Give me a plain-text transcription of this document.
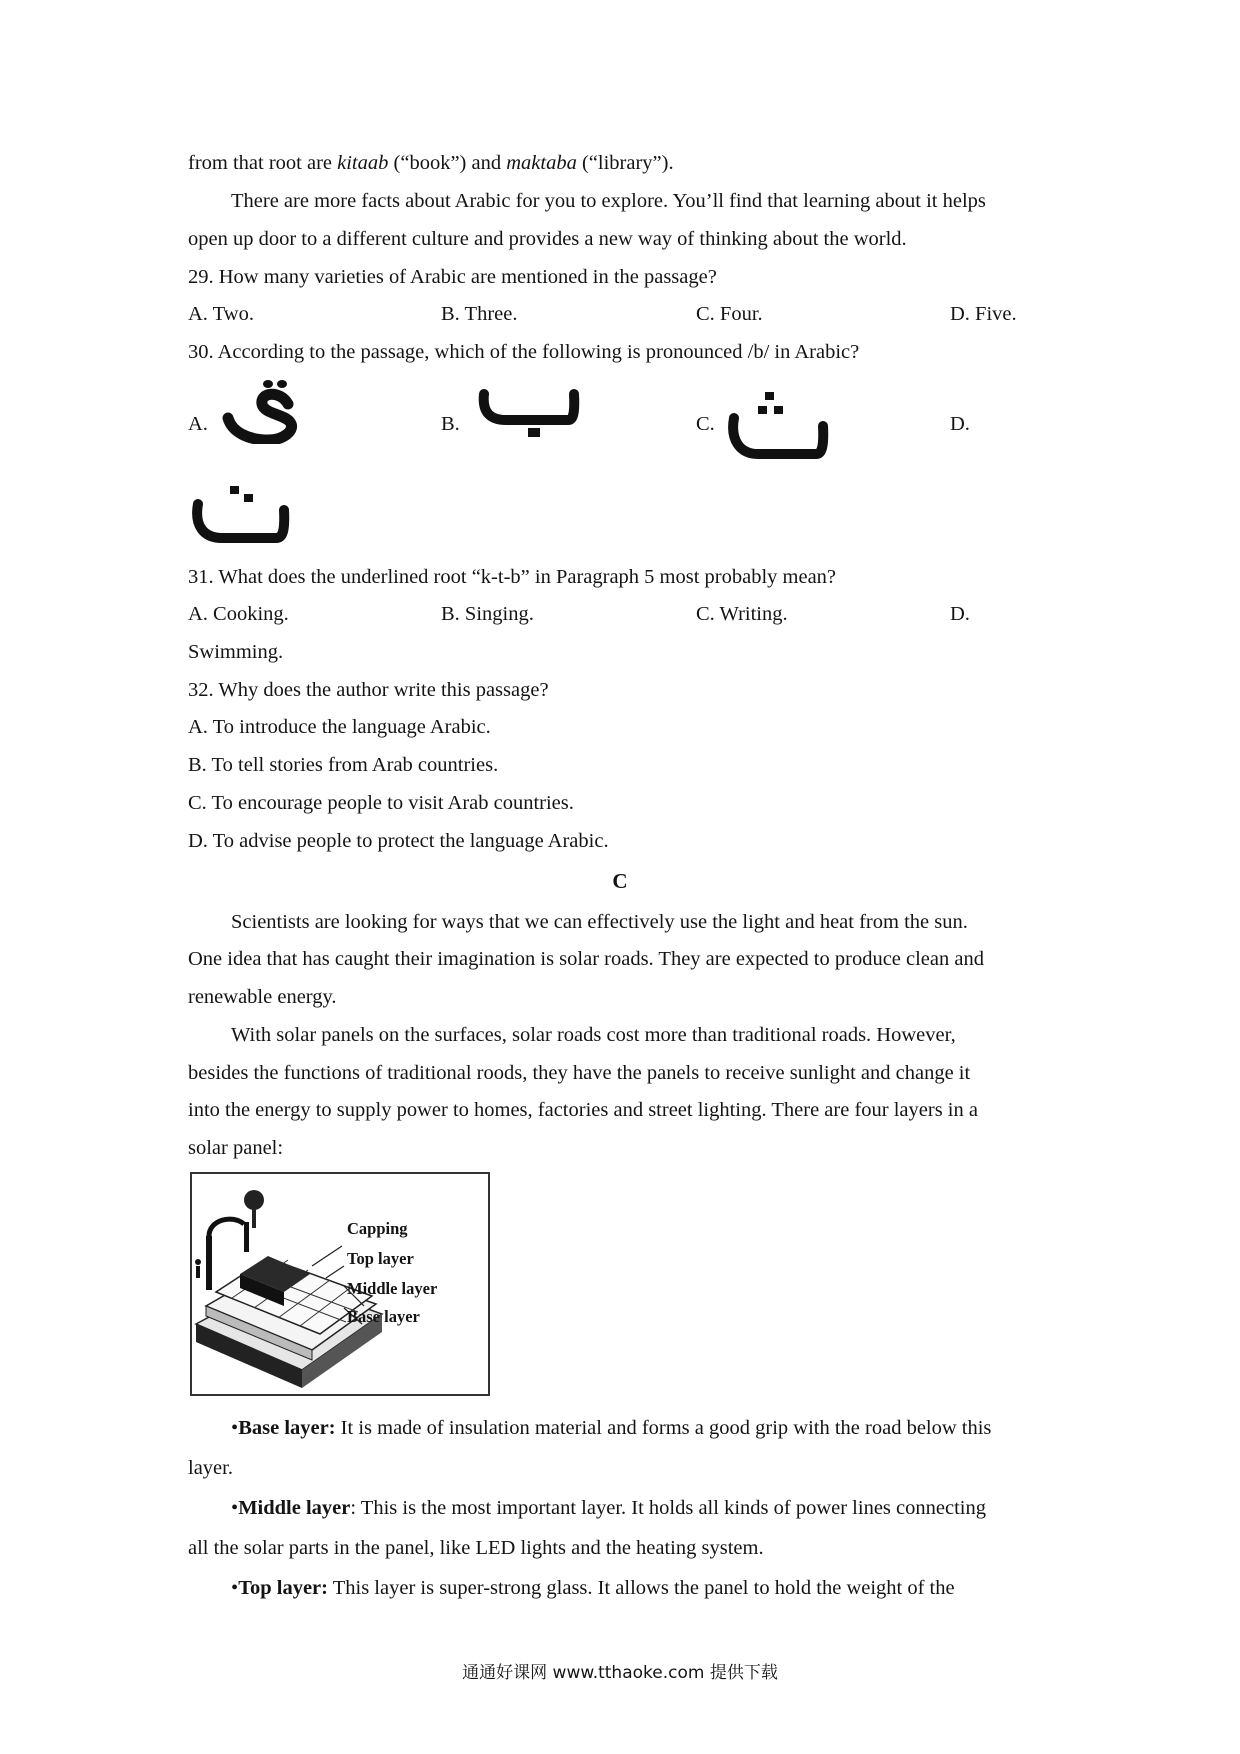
from that root are kitaab (“book”) and maktaba (“library”).
There are more facts about Arabic for you to explore. You’ll find that learning about it helps
open up door to a different culture and provides a new way of thinking about the world.
29. How many varieties of Arabic are mentioned in the passage?
A. Two.	B. Three.	C. Four.	D. Five.
30. According to the passage, which of the following is pronounced /b/ in Arabic?
A.	B.	C.	D.
31. What does the underlined root “k-t-b” in Paragraph 5 most probably mean?
A. Cooking.	B. Singing.	C. Writing.	D.
Swimming.
32. Why does the author write this passage?
A. To introduce the language Arabic.
B. To tell stories from Arab countries.
C. To encourage people to visit Arab countries.
D. To advise people to protect the language Arabic.
C
Scientists are looking for ways that we can effectively use the light and heat from the sun.
One idea that has caught their imagination is solar roads. They are expected to produce clean and
renewable energy.
With solar panels on the surfaces, solar roads cost more than traditional roads. However,
besides the functions of traditional roods, they have the panels to receive sunlight and change it
into the energy to supply power to homes, factories and street lighting. There are four layers in a
solar panel:
Capping
Top layer
Middle layer
Base layer
•Base layer: It is made of insulation material and forms a good grip with the road below this
layer.
•Middle layer: This is the most important layer. It holds all kinds of power lines connecting
all the solar parts in the panel, like LED lights and the heating system.
•Top layer: This layer is super-strong glass. It allows the panel to hold the weight of the
通通好课网 www.tthaoke.com 提供下载
